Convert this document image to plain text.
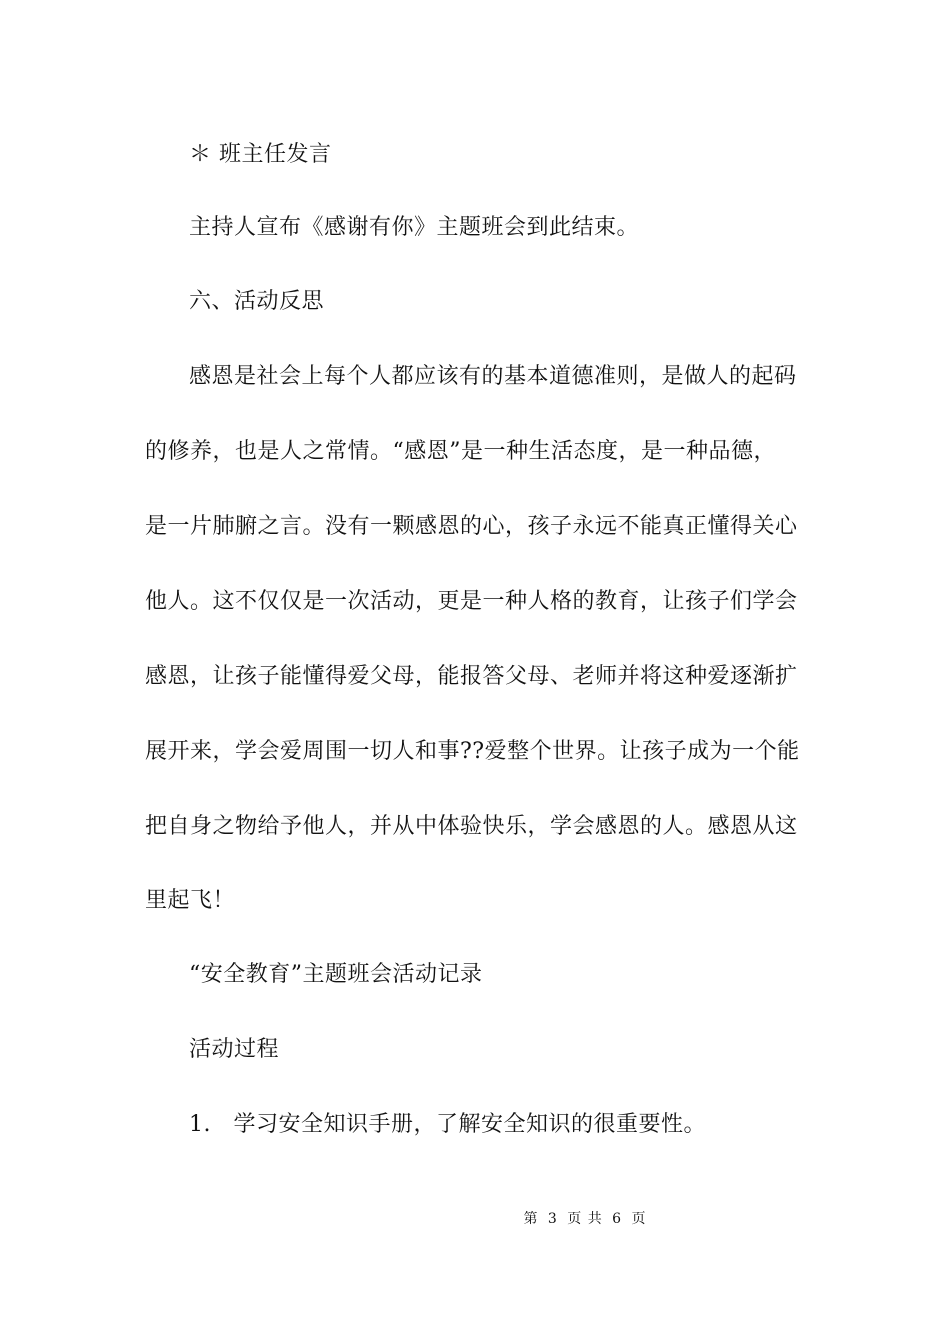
＊ 班主任发言
主持人宣布《感谢有你》主题班会到此结束。
六、活动反思
感恩是社会上每个人都应该有的基本道德准则，是做人的起码
的修养，也是人之常情。“感恩”是一种生活态度，是一种品德，
是一片肺腑之言。没有一颗感恩的心，孩子永远不能真正懂得关心
他人。这不仅仅是一次活动，更是一种人格的教育，让孩子们学会
感恩，让孩子能懂得爱父母，能报答父母、老师并将这种爱逐渐扩
展开来，学会爱周围一切人和事??爱整个世界。让孩子成为一个能
把自身之物给予他人，并从中体验快乐，学会感恩的人。感恩从这
里起飞！
“安全教育”主题班会活动记录
活动过程
1.　学习安全知识手册，了解安全知识的很重要性。
第 3 页 共 6 页
